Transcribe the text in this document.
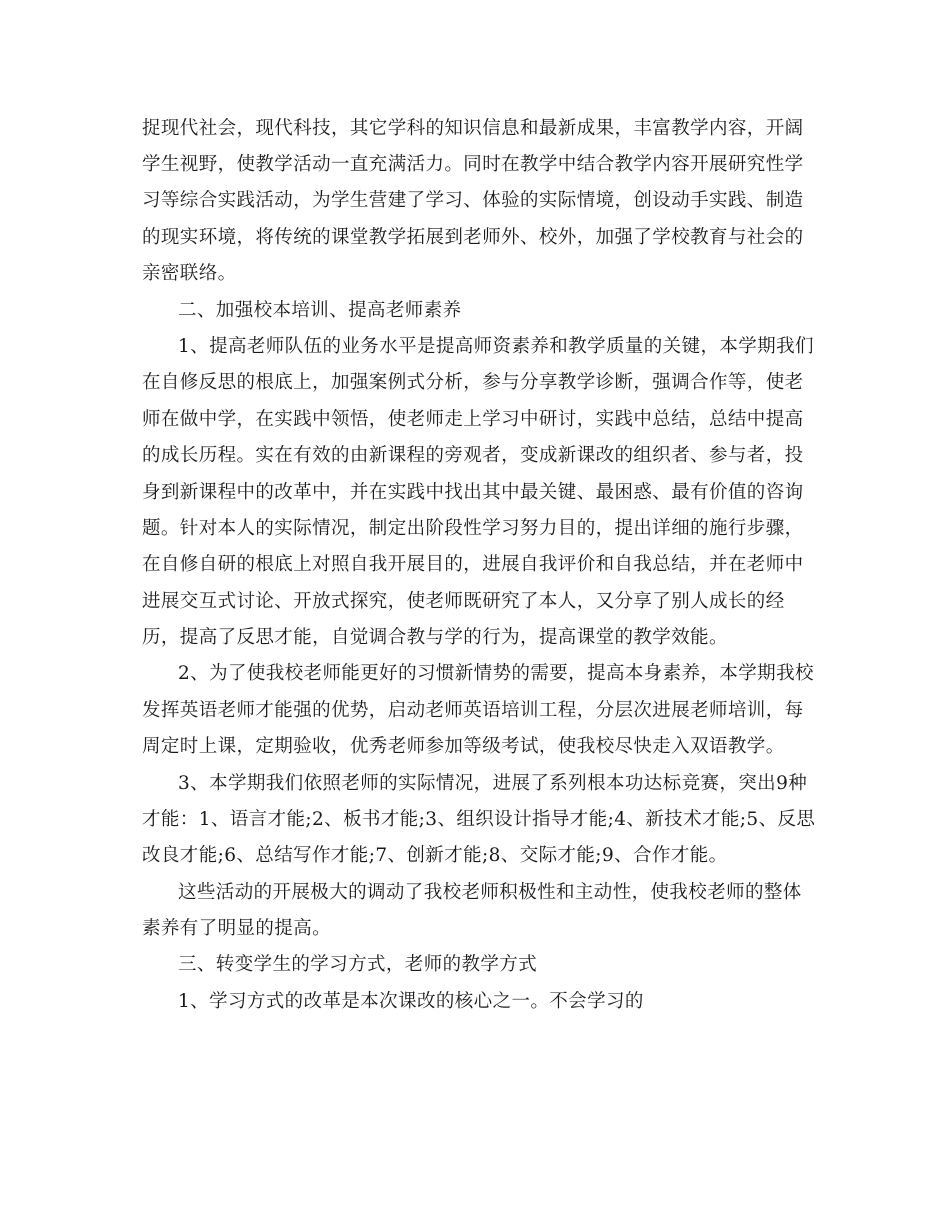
捉现代社会，现代科技，其它学科的知识信息和最新成果，丰富教学内容，开阔
学生视野，使教学活动一直充满活力。同时在教学中结合教学内容开展研究性学
习等综合实践活动，为学生营建了学习、体验的实际情境，创设动手实践、制造
的现实环境，将传统的课堂教学拓展到老师外、校外，加强了学校教育与社会的
亲密联络。
二、加强校本培训、提高老师素养
1、提高老师队伍的业务水平是提高师资素养和教学质量的关键，本学期我们
在自修反思的根底上，加强案例式分析，参与分享教学诊断，强调合作等，使老
师在做中学，在实践中领悟，使老师走上学习中研讨，实践中总结，总结中提高
的成长历程。实在有效的由新课程的旁观者，变成新课改的组织者、参与者，投
身到新课程中的改革中，并在实践中找出其中最关键、最困惑、最有价值的咨询
题。针对本人的实际情况，制定出阶段性学习努力目的，提出详细的施行步骤，
在自修自研的根底上对照自我开展目的，进展自我评价和自我总结，并在老师中
进展交互式讨论、开放式探究，使老师既研究了本人，又分享了别人成长的经
历，提高了反思才能，自觉调合教与学的行为，提高课堂的教学效能。
2、为了使我校老师能更好的习惯新情势的需要，提高本身素养，本学期我校
发挥英语老师才能强的优势，启动老师英语培训工程，分层次进展老师培训，每
周定时上课，定期验收，优秀老师参加等级考试，使我校尽快走入双语教学。
3、本学期我们依照老师的实际情况，进展了系列根本功达标竞赛，突出9种
才能：1、语言才能;2、板书才能;3、组织设计指导才能;4、新技术才能;5、反思
改良才能;6、总结写作才能;7、创新才能;8、交际才能;9、合作才能。
这些活动的开展极大的调动了我校老师积极性和主动性，使我校老师的整体
素养有了明显的提高。
三、转变学生的学习方式，老师的教学方式
1、学习方式的改革是本次课改的核心之一。不会学习的
